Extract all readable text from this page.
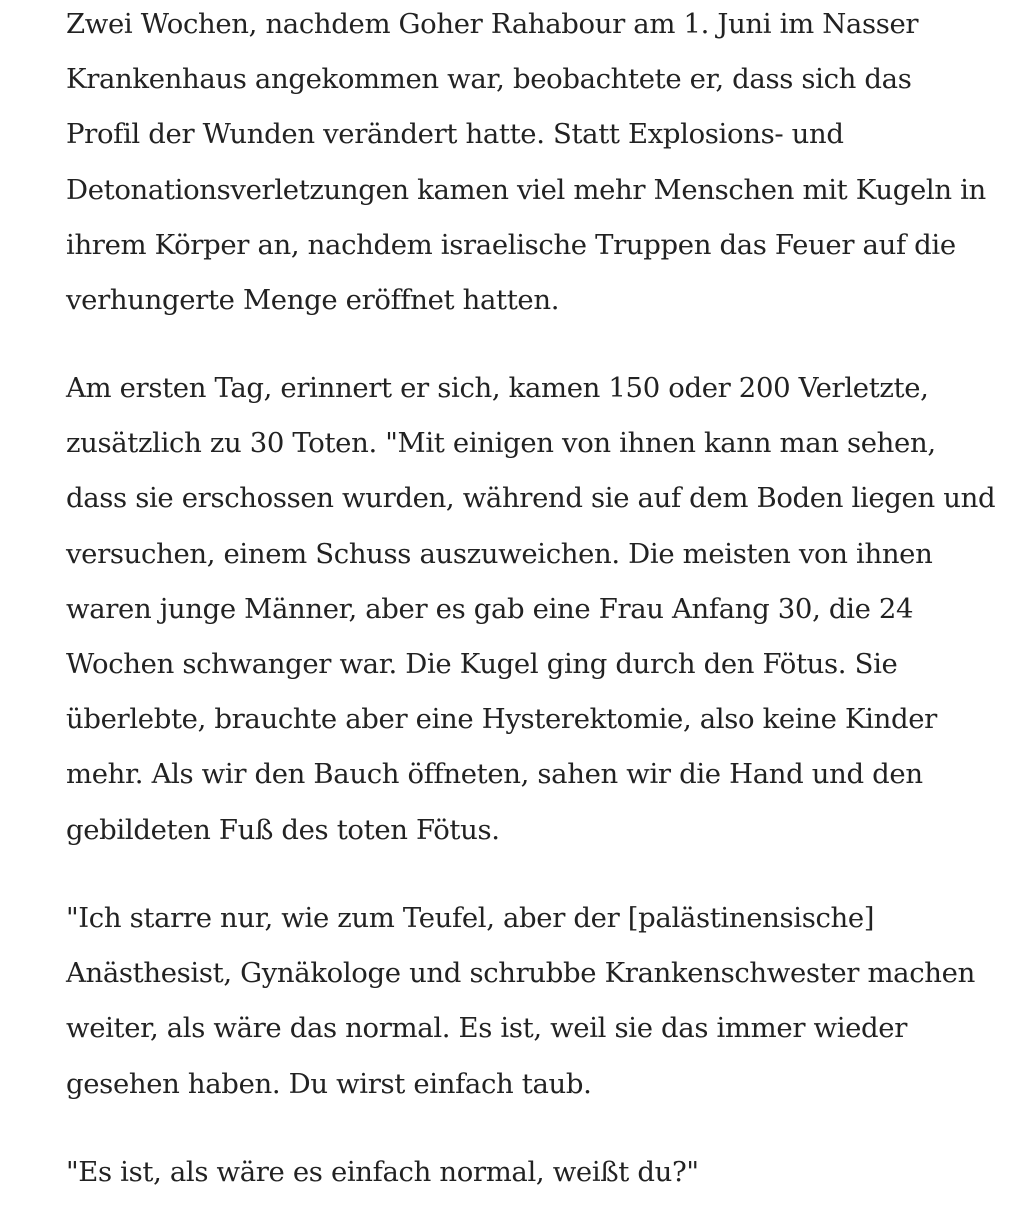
Zwei Wochen, nachdem Goher Rahabour am 1. Juni im Nasser
Krankenhaus angekommen war, beobachtete er, dass sich das
Profil der Wunden verändert hatte. Statt Explosions- und
Detonationsverletzungen kamen viel mehr Menschen mit Kugeln in
ihrem Körper an, nachdem israelische Truppen das Feuer auf die
verhungerte Menge eröffnet hatten.

Am ersten Tag, erinnert er sich, kamen 150 oder 200 Verletzte,
zusätzlich zu 30 Toten. "Mit einigen von ihnen kann man sehen,
dass sie erschossen wurden, während sie auf dem Boden liegen und
versuchen, einem Schuss auszuweichen. Die meisten von ihnen
waren junge Männer, aber es gab eine Frau Anfang 30, die 24
Wochen schwanger war. Die Kugel ging durch den Fötus. Sie
überlebte, brauchte aber eine Hysterektomie, also keine Kinder
mehr. Als wir den Bauch öffneten, sahen wir die Hand und den
gebildeten Fuß des toten Fötus.

"Ich starre nur, wie zum Teufel, aber der [palästinensische]
Anästhesist, Gynäkologe und schrubbe Krankenschwester machen
weiter, als wäre das normal. Es ist, weil sie das immer wieder
gesehen haben. Du wirst einfach taub.

"Es ist, als wäre es einfach normal, weißt du?"
